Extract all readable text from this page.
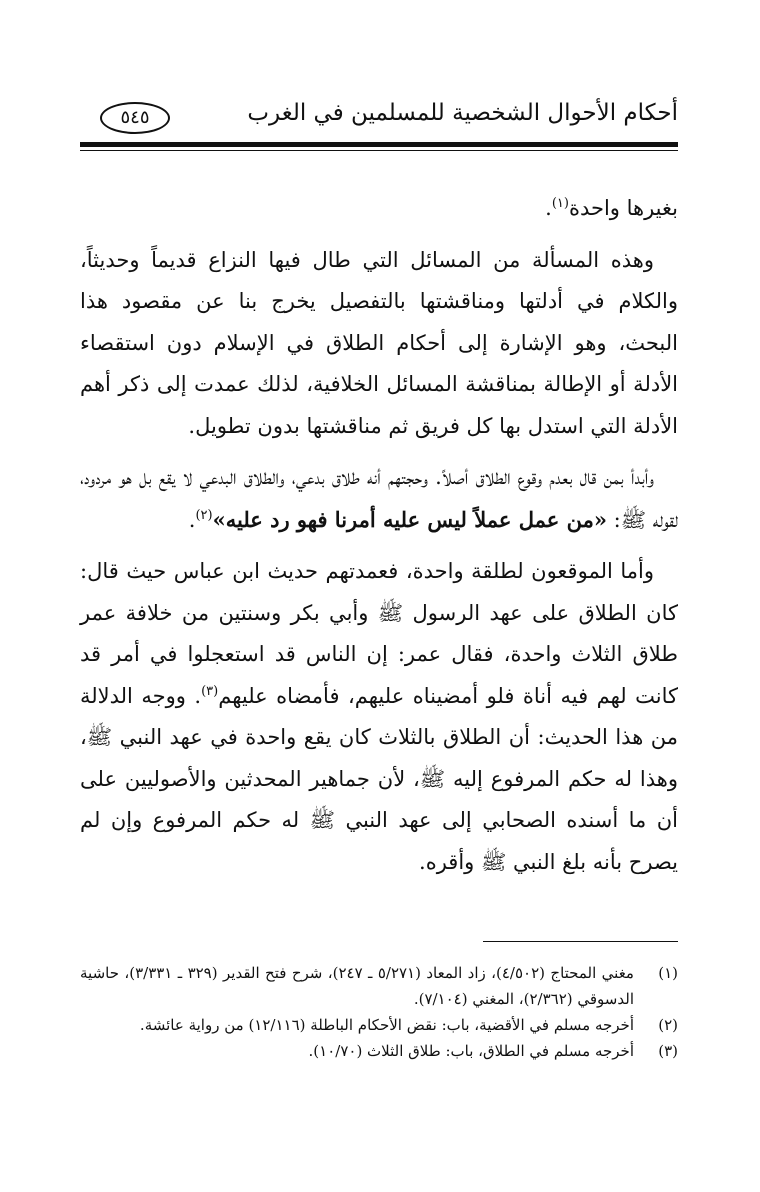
أحكام الأحوال الشخصية للمسلمين في الغرب
٥٤٥

بغيرها واحدة$^{(١)}$.

وهذه المسألة من المسائل التي طال فيها النزاع قديماً وحديثاً، والكلام في أدلتها ومناقشتها بالتفصيل يخرج بنا عن مقصود هذا البحث، وهو الإشارة إلى أحكام الطلاق في الإسلام دون استقصاء الأدلة أو الإطالة بمناقشة المسائل الخلافية، لذلك عمدت إلى ذكر أهم الأدلة التي استدل بها كل فريق ثم مناقشتها بدون تطويل.

وأبدأ بمن قال بعدم وقوع الطلاق أصلاً. وحجتهم أنه طلاق بدعي، والطلاق البدعي لا يقع بل هو مردود، لقوله ﷺ: «من عمل عملاً ليس عليه أمرنا فهو رد عليه»$^{(٢)}$.

وأما الموقعون لطلقة واحدة، فعمدتهم حديث ابن عباس حيث قال: كان الطلاق على عهد الرسول ﷺ وأبي بكر وسنتين من خلافة عمر طلاق الثلاث واحدة، فقال عمر: إن الناس قد استعجلوا في أمر قد كانت لهم فيه أناة فلو أمضيناه عليهم، فأمضاه عليهم$^{(٣)}$. ووجه الدلالة من هذا الحديث: أن الطلاق بالثلاث كان يقع واحدة في عهد النبي ﷺ، وهذا له حكم المرفوع إليه ﷺ، لأن جماهير المحدثين والأصوليين على أن ما أسنده الصحابي إلى عهد النبي ﷺ له حكم المرفوع وإن لم يصرح بأنه بلغ النبي ﷺ وأقره.

(١)
مغني المحتاج (٤/٥٠٢)، زاد المعاد (٥/٢٧١ ـ ٢٤٧)، شرح فتح القدير (٣٢٩ ـ ٣/٣٣١)، حاشية الدسوقي (٢/٣٦٢)، المغني (٧/١٠٤).
(٢)
أخرجه مسلم في الأقضية، باب: نقض الأحكام الباطلة (١٢/١١٦) من رواية عائشة.
(٣)
أخرجه مسلم في الطلاق، باب: طلاق الثلاث (١٠/٧٠).
